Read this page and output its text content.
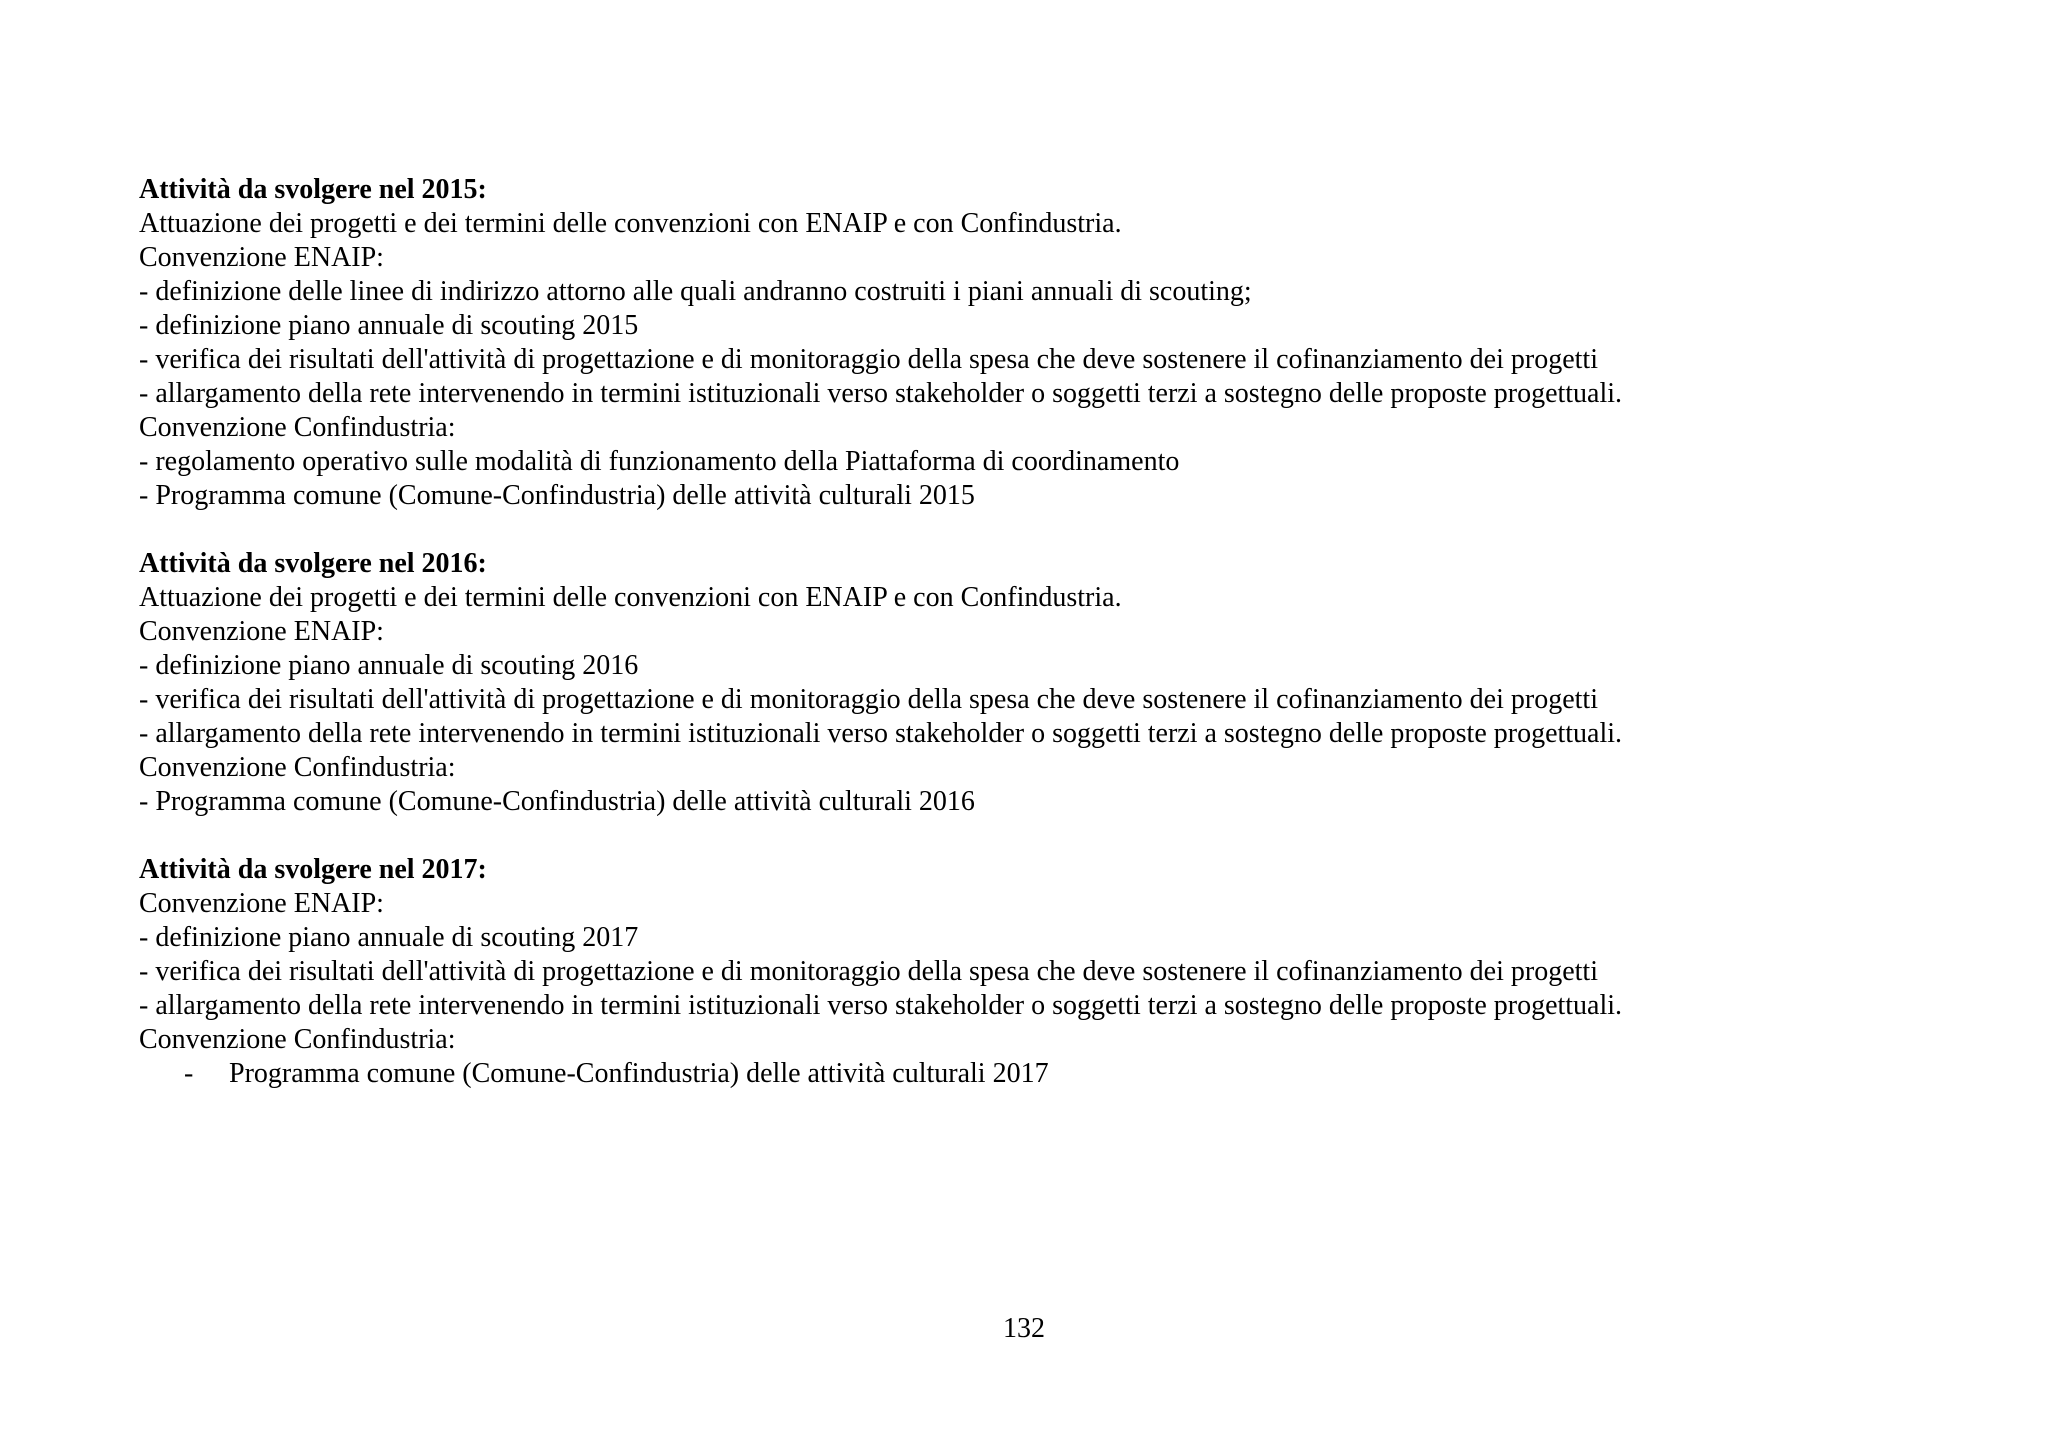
Attività da svolgere nel 2015:

Attuazione dei progetti e dei termini delle convenzioni con ENAIP e con Confindustria.

Convenzione ENAIP:

- definizione delle linee di indirizzo attorno alle quali andranno costruiti i piani annuali di scouting;

- definizione piano annuale di scouting 2015

- verifica dei risultati dell'attività di progettazione e di monitoraggio della spesa che deve sostenere il cofinanziamento dei progetti

- allargamento della rete intervenendo in termini istituzionali verso stakeholder o soggetti terzi a sostegno delle proposte progettuali.

Convenzione Confindustria:

- regolamento operativo sulle modalità di funzionamento della Piattaforma di coordinamento

- Programma comune (Comune-Confindustria) delle attività culturali 2015

Attività da svolgere nel 2016:

Attuazione dei progetti e dei termini delle convenzioni con ENAIP e con Confindustria.

Convenzione ENAIP:

- definizione piano annuale di scouting 2016

- verifica dei risultati dell'attività di progettazione e di monitoraggio della spesa che deve sostenere il cofinanziamento dei progetti

- allargamento della rete intervenendo in termini istituzionali verso stakeholder o soggetti terzi a sostegno delle proposte progettuali.

Convenzione Confindustria:

- Programma comune (Comune-Confindustria) delle attività culturali 2016

Attività da svolgere nel 2017:

Convenzione ENAIP:

- definizione piano annuale di scouting 2017

- verifica dei risultati dell'attività di progettazione e di monitoraggio della spesa che deve sostenere il cofinanziamento dei progetti

- allargamento della rete intervenendo in termini istituzionali verso stakeholder o soggetti terzi a sostegno delle proposte progettuali.

Convenzione Confindustria:

-	Programma comune (Comune-Confindustria) delle attività culturali 2017
132
